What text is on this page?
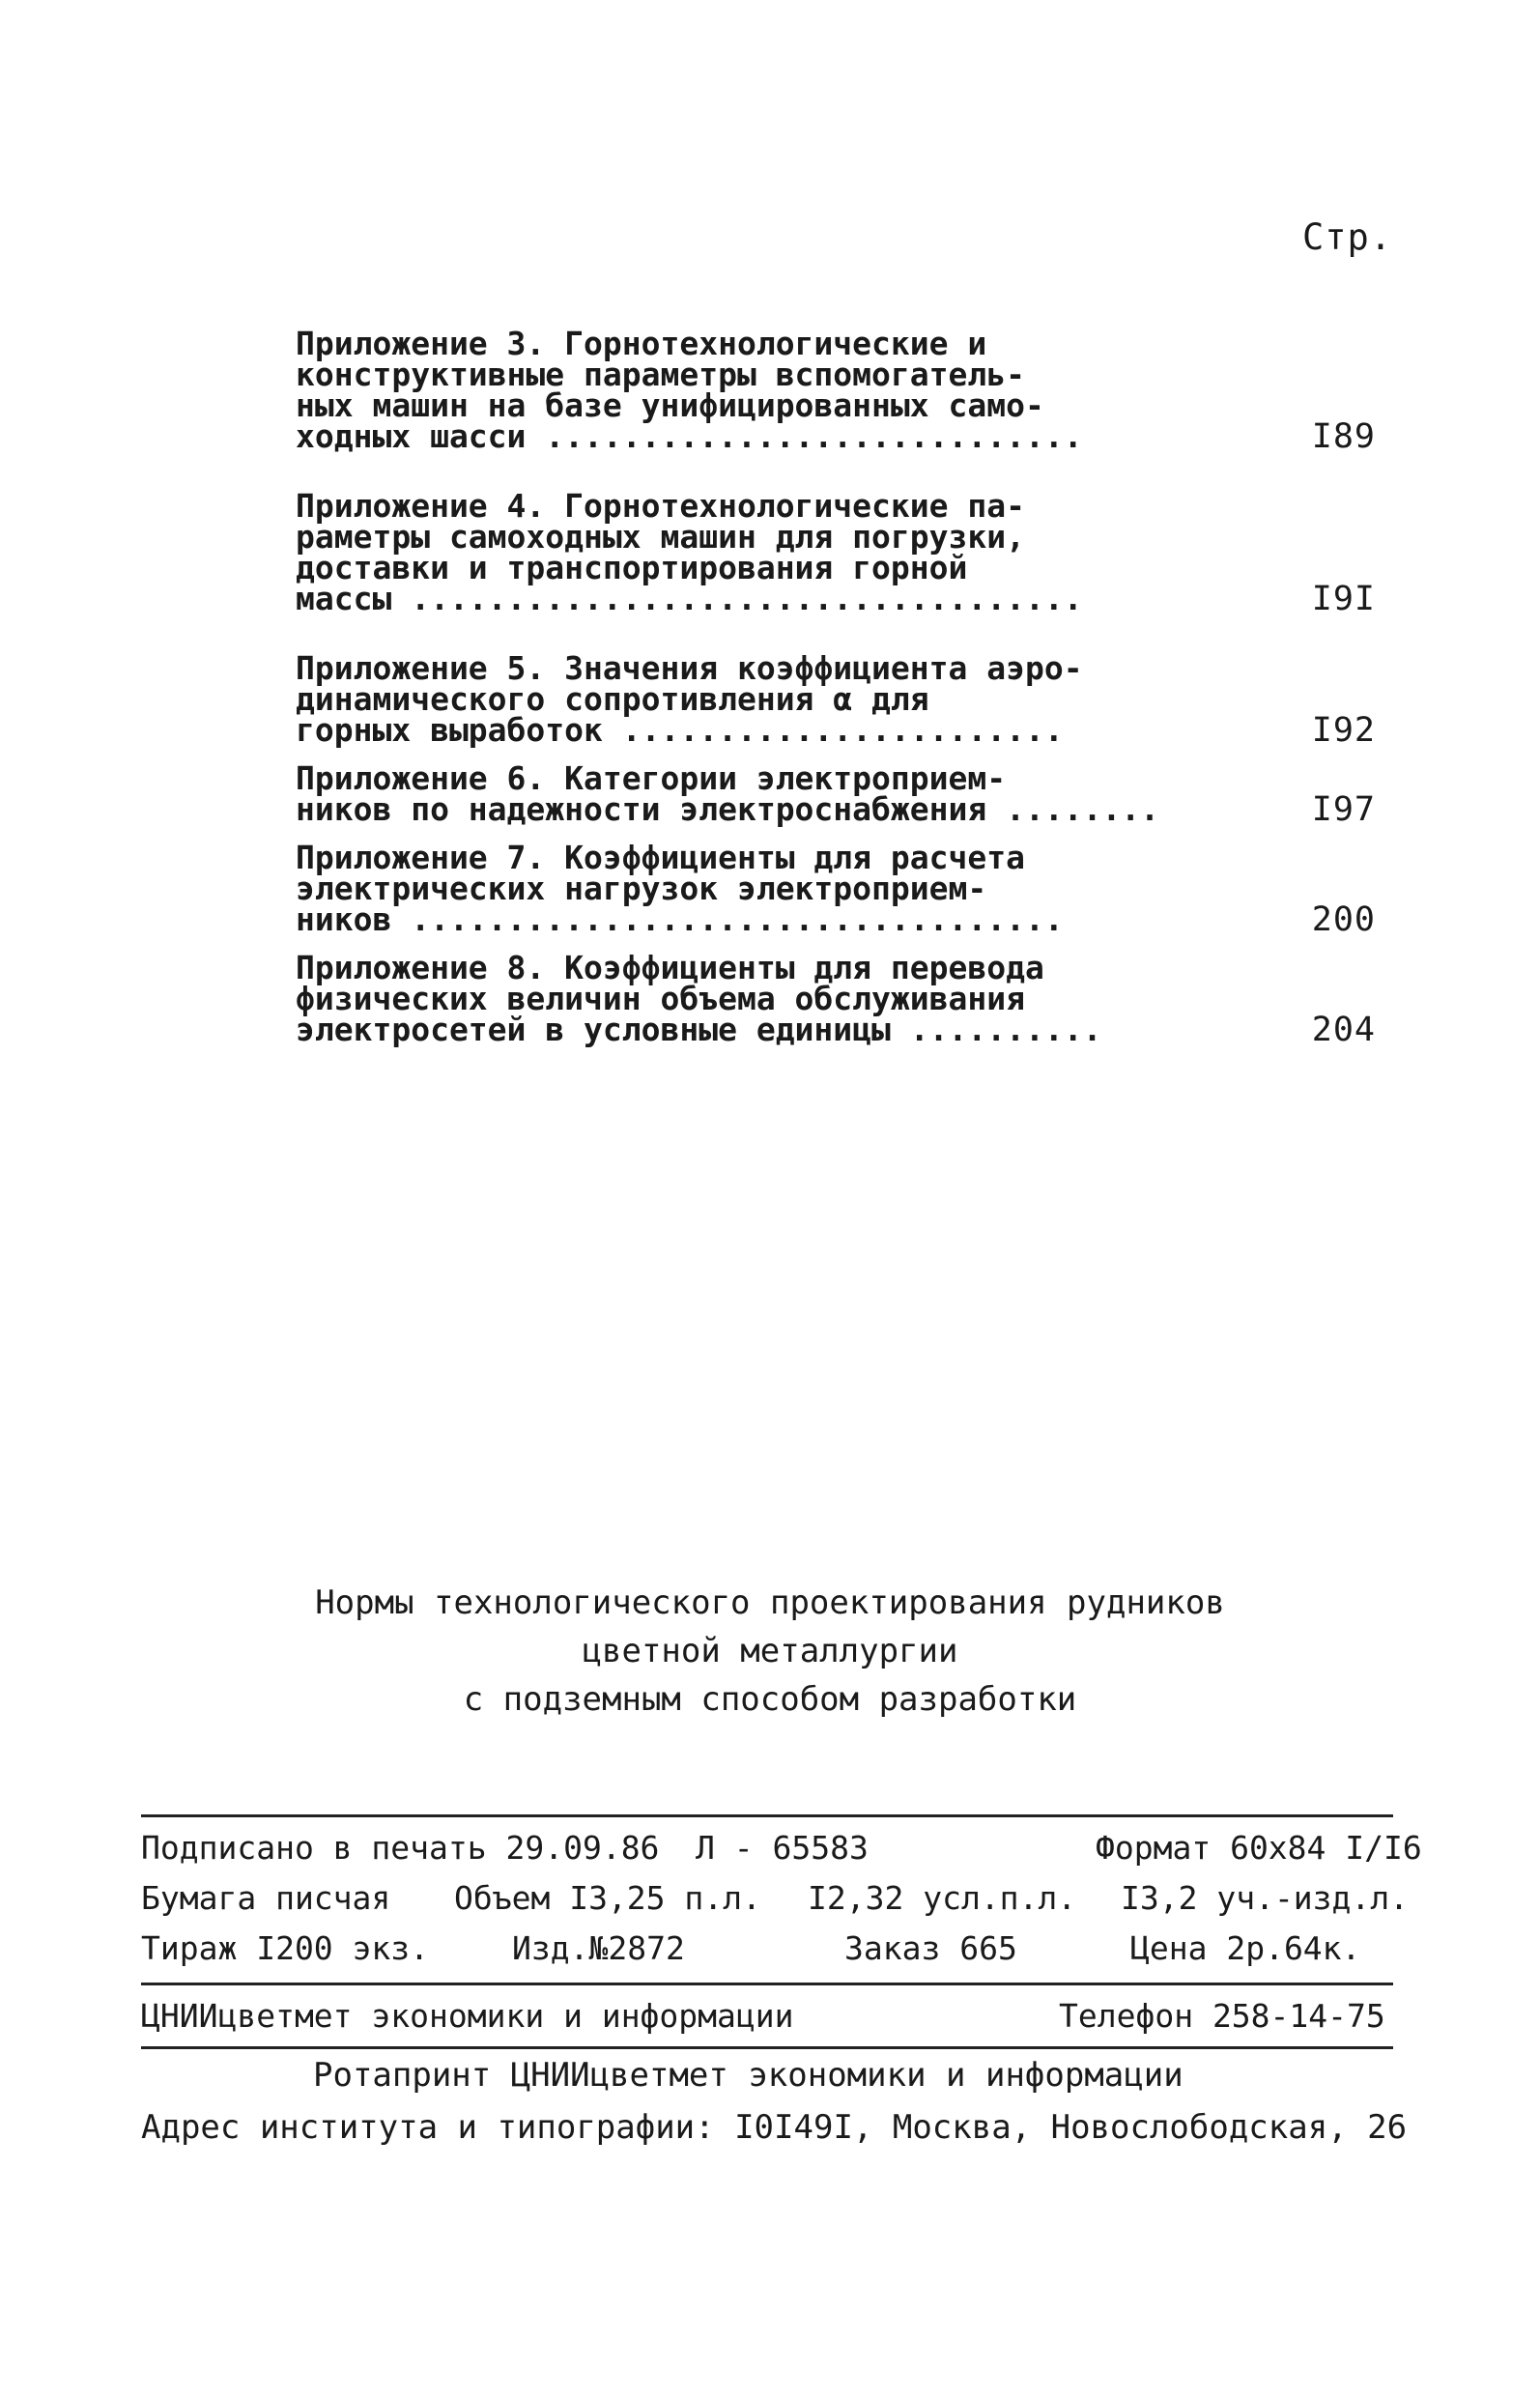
Стр.
Приложение 3. Горнотехнологические и
конструктивные параметры вспомогатель-
ных машин на базе унифицированных само-
ходных шасси ............................	I89
Приложение 4. Горнотехнологические па-
раметры самоходных машин для погрузки,
доставки и транспортирования горной
массы ...................................	I9I
Приложение 5. Значения коэффициента аэро-
динамического сопротивления α для
горных выработок .......................	I92
Приложение 6. Категории электроприем-
ников по надежности электроснабжения ........	I97
Приложение 7. Коэффициенты для расчета
электрических нагрузок электроприем-
ников ..................................	200
Приложение 8. Коэффициенты для перевода
физических величин объема обслуживания
электросетей в условные единицы ..........	204
Нормы технологического проектирования рудников
цветной металлургии
с подземным способом разработки
Подписано в печать 29.09.86 Л - 65583	Формат 60х84 I/I6
Бумага писчая Объем I3,25 п.л. I2,32 усл.п.л. I3,2 уч.-изд.л.
Тираж I200 экз.	Изд.№2872	Заказ 665	Цена 2р.64к.
ЦНИИцветмет экономики и информации	Телефон 258-14-75
Ротапринт ЦНИИцветмет экономики и информации
Адрес института и типографии: I0I49I, Москва, Новослободская, 26
